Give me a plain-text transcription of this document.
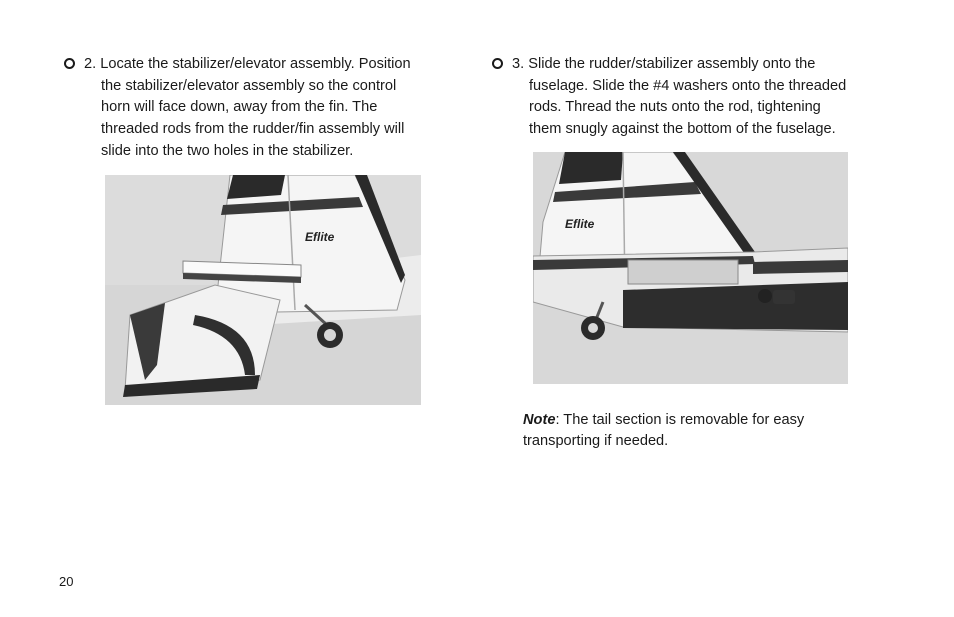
2. Locate the stabilizer/elevator assembly. Position
the stabilizer/elevator assembly so the control
horn will face down, away from the fin. The
threaded rods from the rudder/fin assembly will
slide into the two holes in the stabilizer.
3. Slide the rudder/stabilizer assembly onto the
fuselage. Slide the #4 washers onto the threaded
rods. Thread the nuts onto the rod, tightening
them snugly against the bottom of the fuselage.
Eflite
Eflite
Note: The tail section is removable for easy
transporting if needed.
20
